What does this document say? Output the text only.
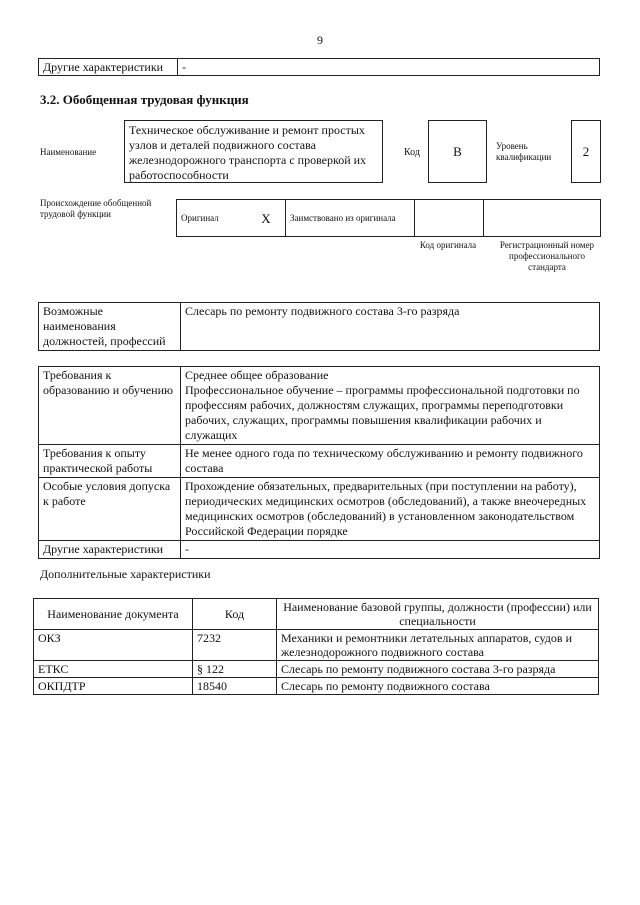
9
Другие характеристики	-
3.2. Обобщенная трудовая функция
Наименование
Техническое обслуживание и ремонт простых узлов и деталей подвижного состава железнодорожного транспорта с проверкой их работоспособности
Код	В	Уровень квалификации	2
Происхождение обобщенной трудовой функции	Оригинал	Х	Заимствовано из оригинала		
Код оригинала	Регистрационный номер профессионального стандарта
Возможные наименования должностей, профессий	Слесарь по ремонту подвижного состава 3-го разряда
Требования к образованию и обучению	Среднее общее образование
Профессиональное обучение – программы профессиональной подготовки по профессиям рабочих, должностям служащих, программы переподготовки рабочих, служащих, программы повышения квалификации рабочих и служащих

Требования к опыту практической работы	Не менее одного года по техническому обслуживанию и ремонту подвижного состава
Особые условия допуска к работе	Прохождение обязательных, предварительных (при поступлении на работу), периодических медицинских осмотров (обследований), а также внеочередных медицинских осмотров (обследований) в установленном законодательством Российской Федерации порядке
Другие характеристики	-
Дополнительные характеристики
Наименование документа	Код	Наименование базовой группы, должности (профессии) или специальности
ОКЗ	7232	Механики и ремонтники летательных аппаратов, судов и железнодорожного подвижного состава
ЕТКС	§ 122	Слесарь по ремонту подвижного состава 3-го разряда
ОКПДТР	18540	Слесарь по ремонту подвижного состава
